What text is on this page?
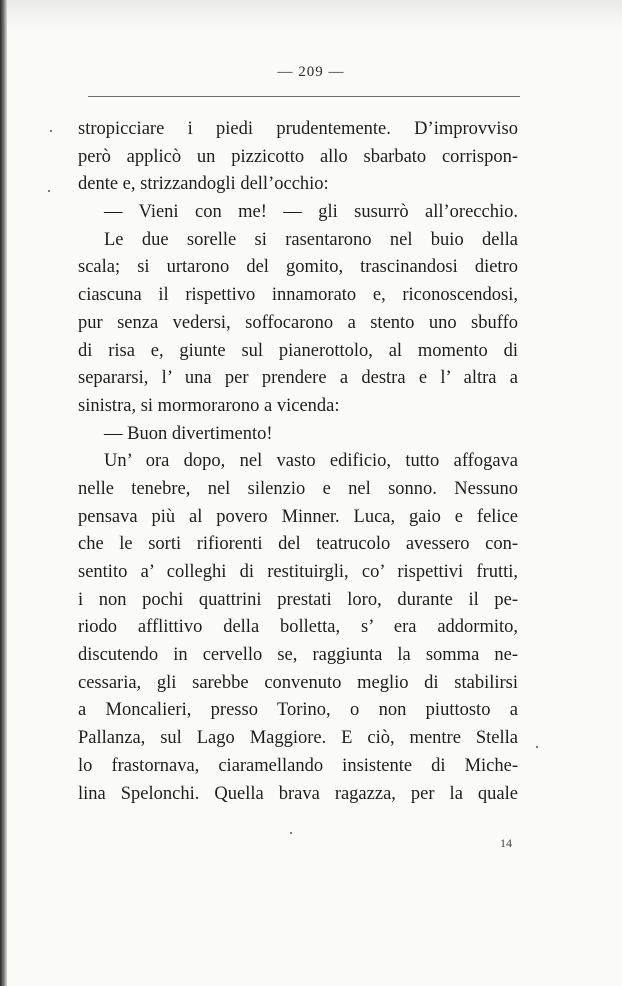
— 209 —
stropicciare i piedi prudentemente. D’improvviso
però applicò un pizzicotto allo sbarbato corrispon-
dente e, strizzandogli dell’occhio:
— Vieni con me! — gli susurrò all’orecchio.
Le due sorelle si rasentarono nel buio della
scala; si urtarono del gomito, trascinandosi dietro
ciascuna il rispettivo innamorato e, riconoscendosi,
pur senza vedersi, soffocarono a stento uno sbuffo
di risa e, giunte sul pianerottolo, al momento di
separarsi, l’ una per prendere a destra e l’ altra a
sinistra, si mormorarono a vicenda:
— Buon divertimento!
Un’ ora dopo, nel vasto edificio, tutto affogava
nelle tenebre, nel silenzio e nel sonno. Nessuno
pensava più al povero Minner. Luca, gaio e felice
che le sorti rifiorenti del teatrucolo avessero con-
sentito a’ colleghi di restituirgli, co’ rispettivi frutti,
i non pochi quattrini prestati loro, durante il pe-
riodo afflittivo della bolletta, s’ era addormito,
discutendo in cervello se, raggiunta la somma ne-
cessaria, gli sarebbe convenuto meglio di stabilirsi
a Moncalieri, presso Torino, o non piuttosto a
Pallanza, sul Lago Maggiore. E ciò, mentre Stella
lo frastornava, ciaramellando insistente di Miche-
lina Spelonchi. Quella brava ragazza, per la quale
14
